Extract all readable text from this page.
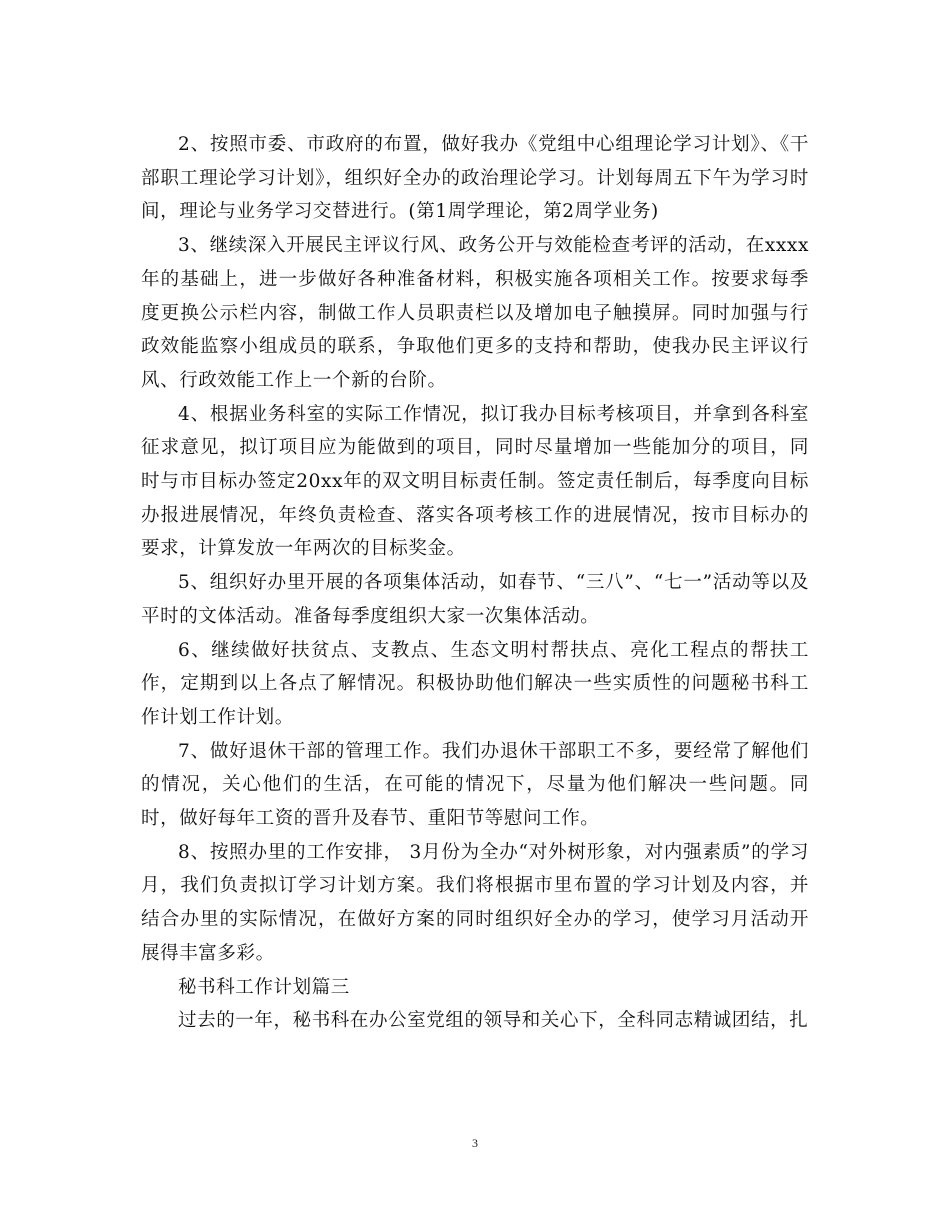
2、按照市委、市政府的布置，做好我办《党组中心组理论学习计划》、《干部职工理论学习计划》，组织好全办的政治理论学习。计划每周五下午为学习时间，理论与业务学习交替进行。(第1周学理论，第2周学业务)

3、继续深入开展民主评议行风、政务公开与效能检查考评的活动，在xxxx年的基础上，进一步做好各种准备材料，积极实施各项相关工作。按要求每季度更换公示栏内容，制做工作人员职责栏以及增加电子触摸屏。同时加强与行政效能监察小组成员的联系，争取他们更多的支持和帮助，使我办民主评议行风、行政效能工作上一个新的台阶。

4、根据业务科室的实际工作情况，拟订我办目标考核项目，并拿到各科室征求意见，拟订项目应为能做到的项目，同时尽量增加一些能加分的项目，同时与市目标办签定20xx年的双文明目标责任制。签定责任制后，每季度向目标办报进展情况，年终负责检查、落实各项考核工作的进展情况，按市目标办的要求，计算发放一年两次的目标奖金。

5、组织好办里开展的各项集体活动，如春节、“三八”、“七一”活动等以及平时的文体活动。准备每季度组织大家一次集体活动。

6、继续做好扶贫点、支教点、生态文明村帮扶点、亮化工程点的帮扶工作，定期到以上各点了解情况。积极协助他们解决一些实质性的问题秘书科工作计划工作计划。

7、做好退休干部的管理工作。我们办退休干部职工不多，要经常了解他们的情况，关心他们的生活，在可能的情况下，尽量为他们解决一些问题。同时，做好每年工资的晋升及春节、重阳节等慰问工作。

8、按照办里的工作安排， 3月份为全办“对外树形象，对内强素质”的学习月，我们负责拟订学习计划方案。我们将根据市里布置的学习计划及内容，并结合办里的实际情况，在做好方案的同时组织好全办的学习，使学习月活动开展得丰富多彩。

秘书科工作计划篇三

过去的一年，秘书科在办公室党组的领导和关心下，全科同志精诚团结，扎

3
